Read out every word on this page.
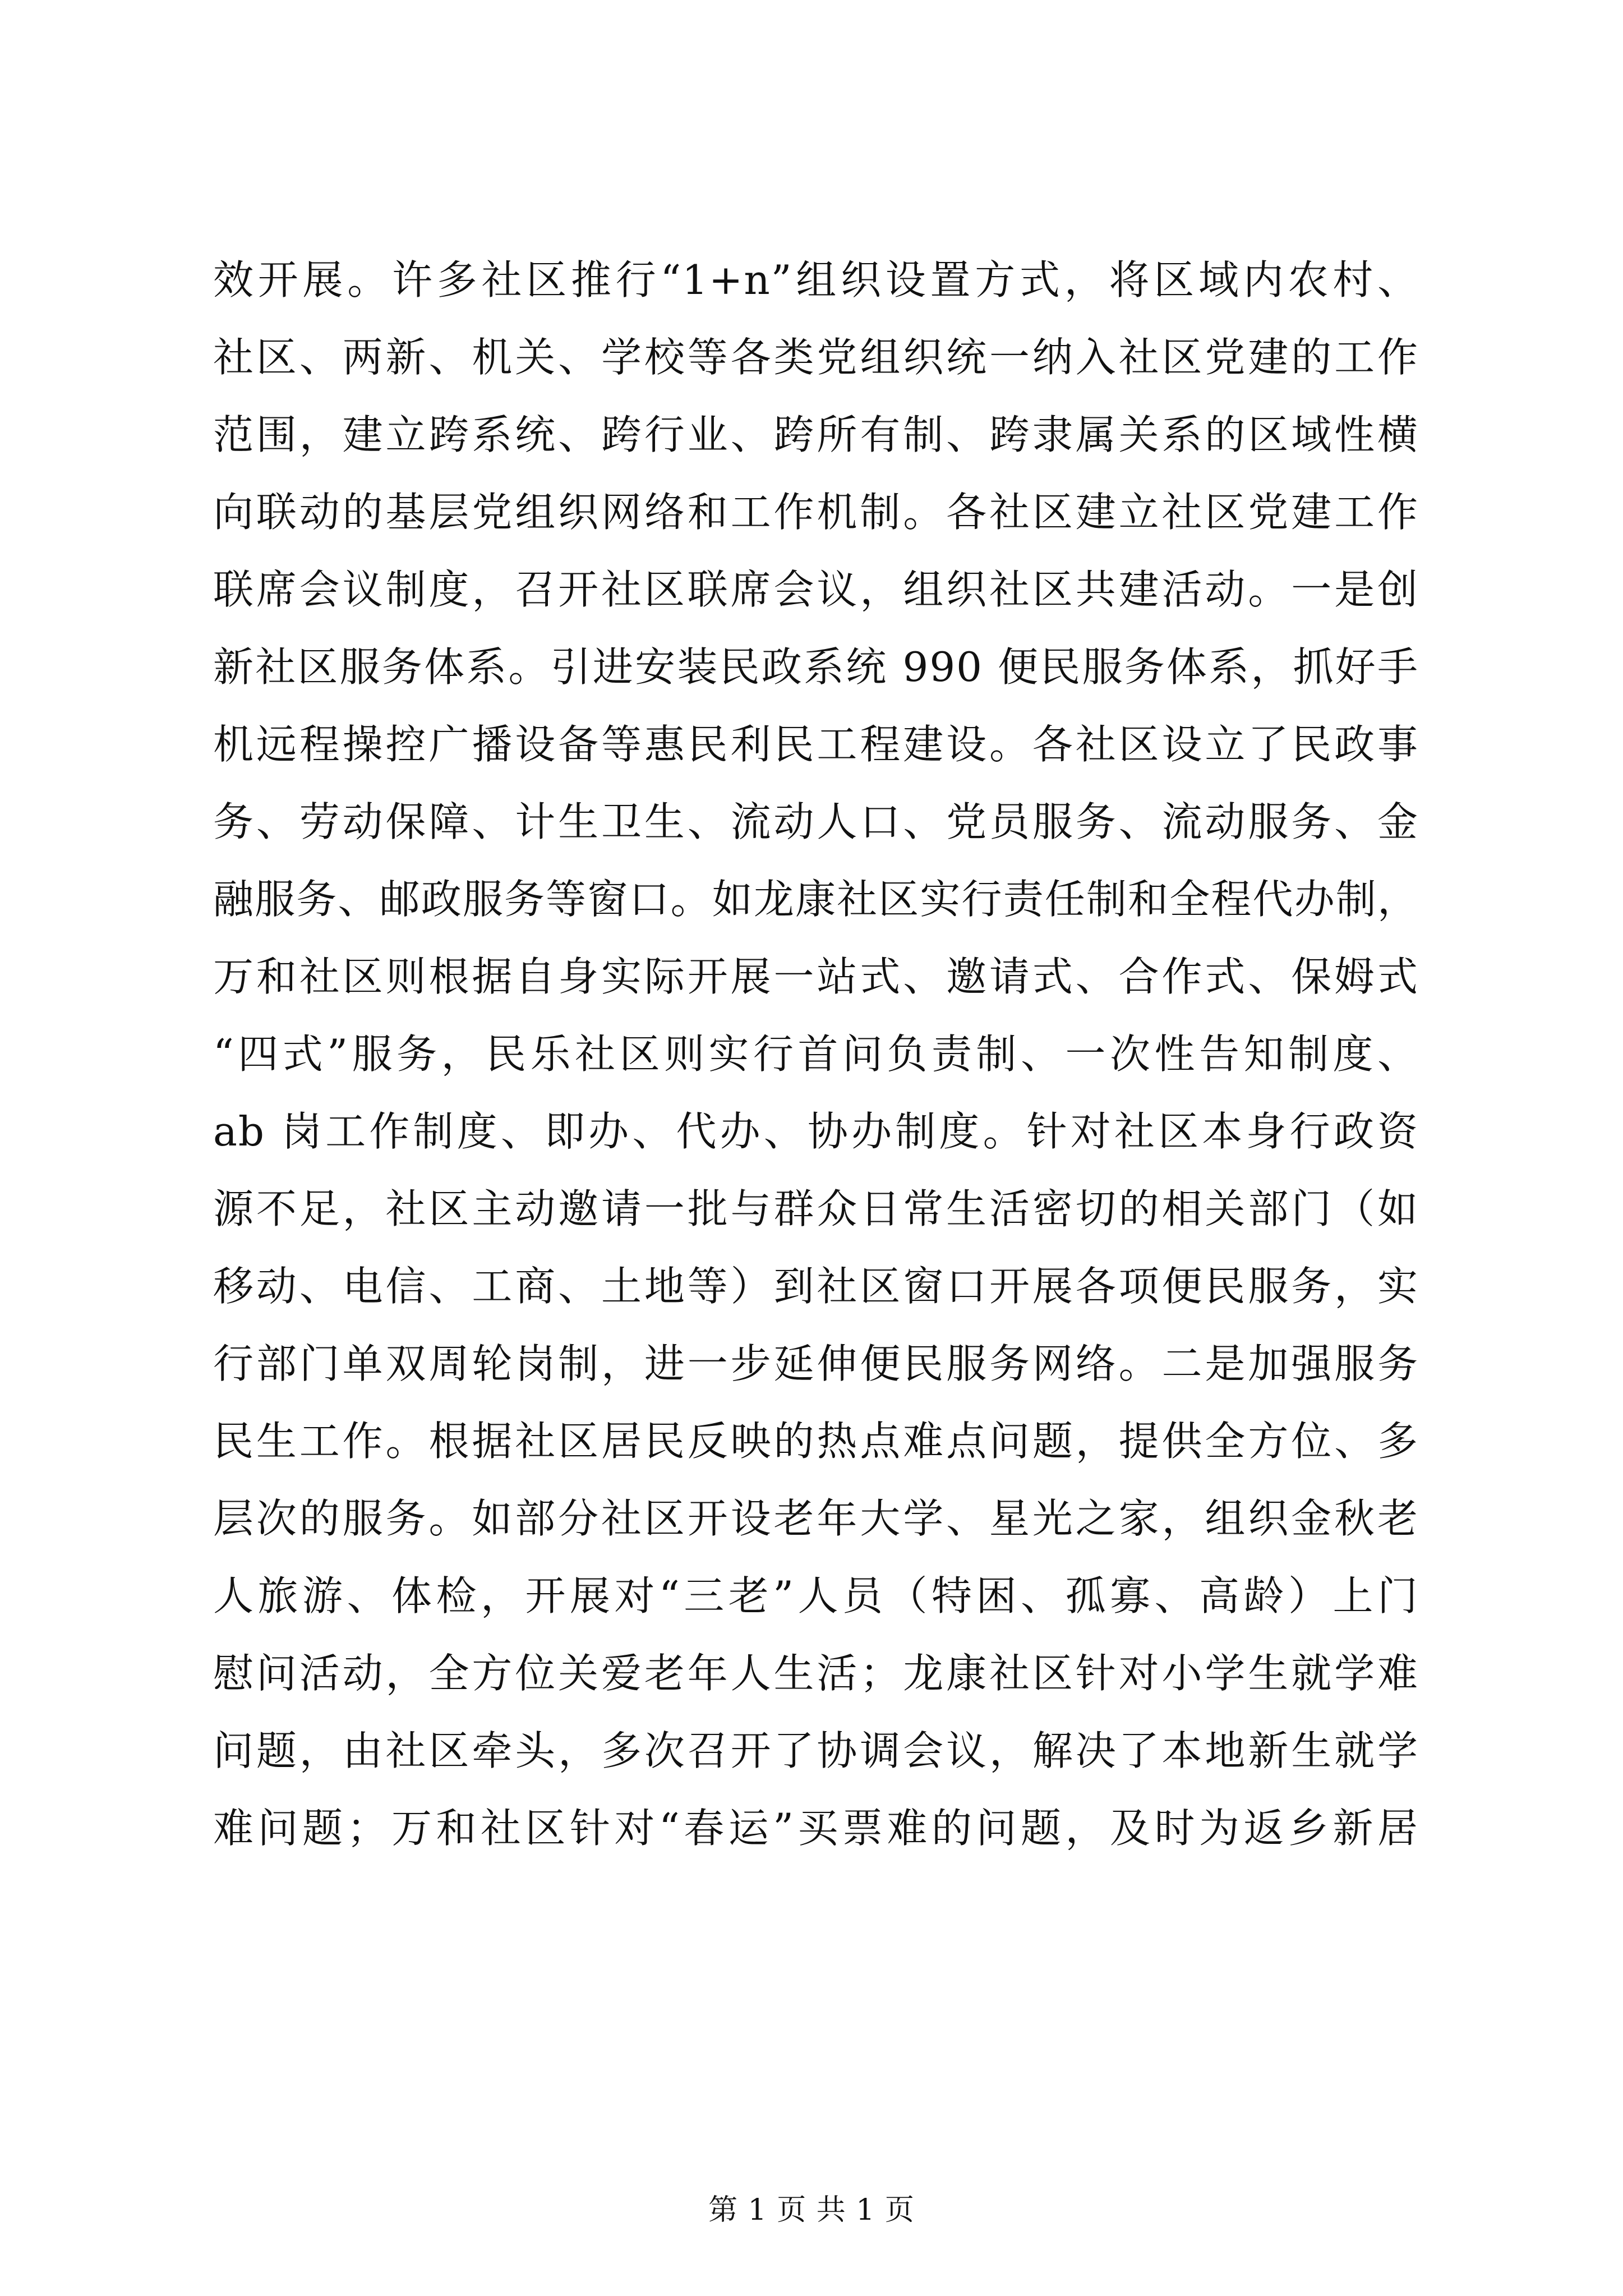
效开展。许多社区推行“1+n”组织设置方式，将区域内农村、
社区、两新、机关、学校等各类党组织统一纳入社区党建的工作
范围，建立跨系统、跨行业、跨所有制、跨隶属关系的区域性横
向联动的基层党组织网络和工作机制。各社区建立社区党建工作
联席会议制度，召开社区联席会议，组织社区共建活动。一是创
新社区服务体系。引进安装民政系统 990 便民服务体系，抓好手
机远程操控广播设备等惠民利民工程建设。各社区设立了民政事
务、劳动保障、计生卫生、流动人口、党员服务、流动服务、金
融服务、邮政服务等窗口。如龙康社区实行责任制和全程代办制，
万和社区则根据自身实际开展一站式、邀请式、合作式、保姆式
“四式”服务，民乐社区则实行首问负责制、一次性告知制度、
ab 岗工作制度、即办、代办、协办制度。针对社区本身行政资
源不足，社区主动邀请一批与群众日常生活密切的相关部门（如
移动、电信、工商、土地等）到社区窗口开展各项便民服务，实
行部门单双周轮岗制，进一步延伸便民服务网络。二是加强服务
民生工作。根据社区居民反映的热点难点问题，提供全方位、多
层次的服务。如部分社区开设老年大学、星光之家，组织金秋老
人旅游、体检，开展对“三老”人员（特困、孤寡、高龄）上门
慰问活动，全方位关爱老年人生活；龙康社区针对小学生就学难
问题，由社区牵头，多次召开了协调会议，解决了本地新生就学
难问题；万和社区针对“春运”买票难的问题，及时为返乡新居
第 1 页 共 1 页
